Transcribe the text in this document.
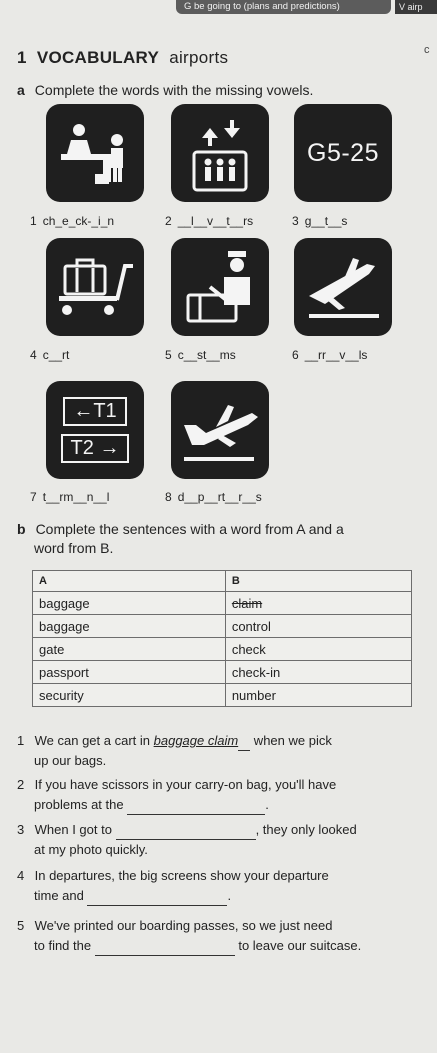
G be going to (plans and predictions)	V airp
1 VOCABULARY airports	c
a Complete the words with the missing vowels.
G5-25
1 ch_e_ck-_i_n	2 __l__v__t__rs	3 g__t__s
4 c__rt	5 c__st__ms	6 __rr__v__ls
←T1
T2 →
7 t__rm__n__l	8 d__p__rt__r__s
b Complete the sentences with a word from A and a
word from B.
A	B
baggage	claim
baggage	control
gate	check
passport	check-in
security	number
1 We can get a cart in baggage claim when we pick
up our bags.
2 If you have scissors in your carry-on bag, you'll have
problems at the	.
3 When I got to	, they only looked
at my photo quickly.
4 In departures, the big screens show your departure
time and	.
5 We've printed our boarding passes, so we just need
to find the	to leave our suitcase.
